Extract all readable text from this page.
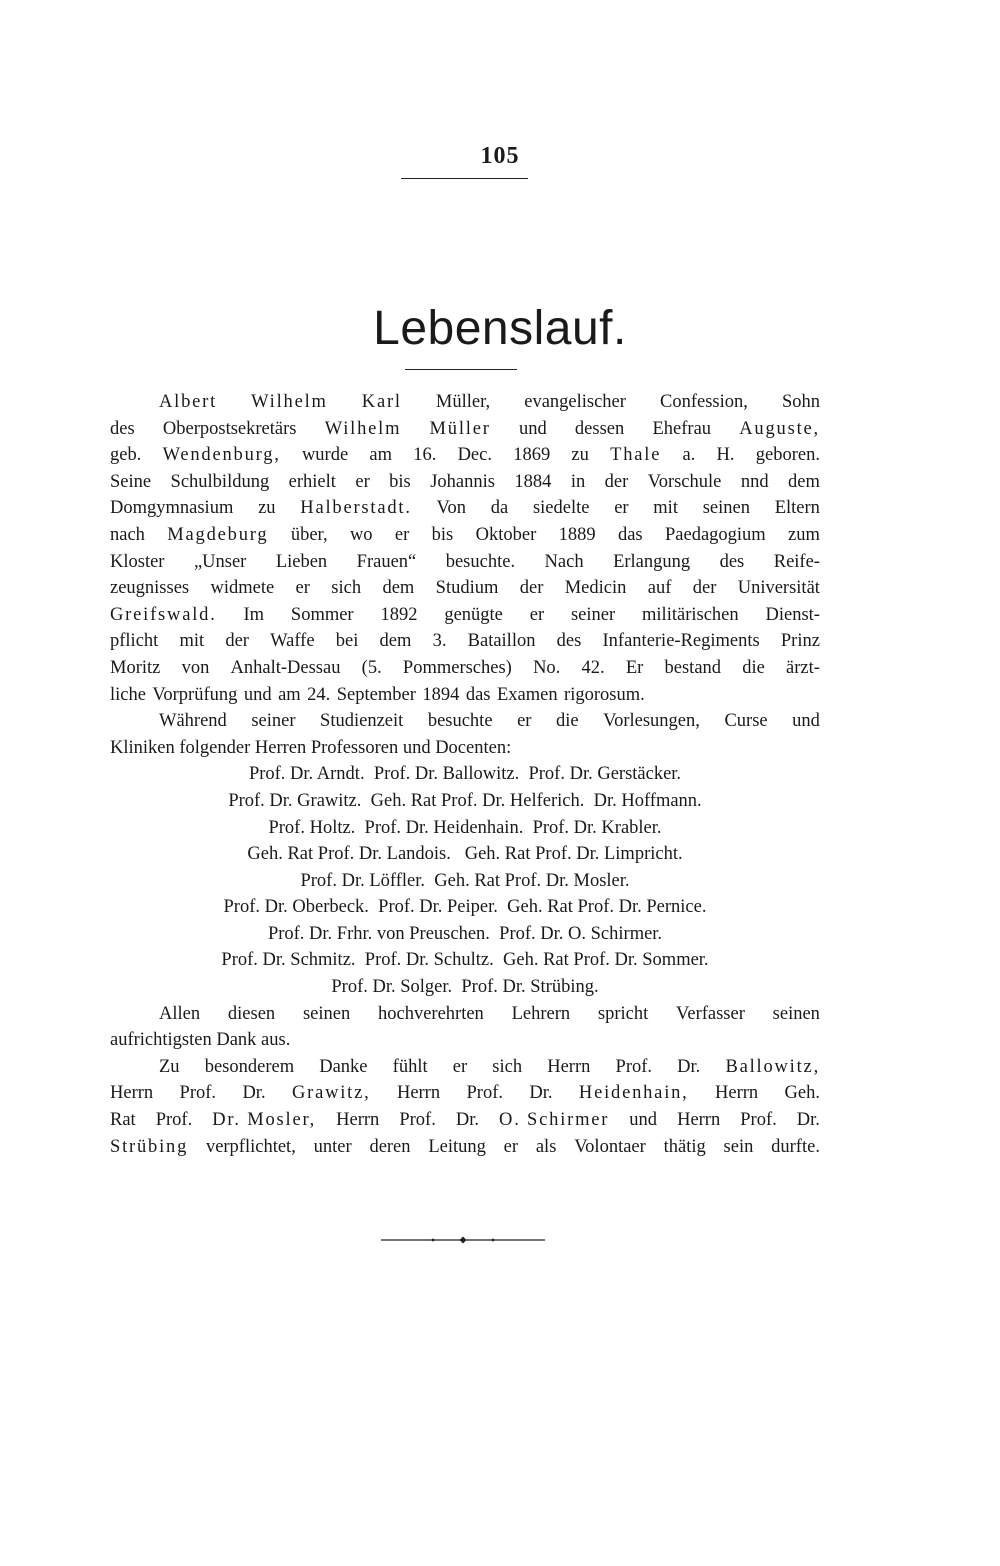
105
Lebenslauf.
Albert Wilhelm Karl Müller, evangelischer Confession, Sohn
des Oberpostsekretärs Wilhelm Müller und dessen Ehefrau Auguste,
geb. Wendenburg, wurde am 16. Dec. 1869 zu Thale a. H. geboren.
Seine Schulbildung erhielt er bis Johannis 1884 in der Vorschule nnd dem
Domgymnasium zu Halberstadt. Von da siedelte er mit seinen Eltern
nach Magdeburg über, wo er bis Oktober 1889 das Paedagogium zum
Kloster „Unser Lieben Frauen“ besuchte. Nach Erlangung des Reife-
zeugnisses widmete er sich dem Studium der Medicin auf der Universität
Greifswald. Im Sommer 1892 genügte er seiner militärischen Dienst-
pflicht mit der Waffe bei dem 3. Bataillon des Infanterie-Regiments Prinz
Moritz von Anhalt-Dessau (5. Pommersches) No. 42. Er bestand die ärzt-
liche Vorprüfung und am 24. September 1894 das Examen rigorosum.
Während seiner Studienzeit besuchte er die Vorlesungen, Curse und
Kliniken folgender Herren Professoren und Docenten:
Prof. Dr. Arndt.  Prof. Dr. Ballowitz.  Prof. Dr. Gerstäcker.
Prof. Dr. Grawitz.  Geh. Rat Prof. Dr. Helferich.  Dr. Hoffmann.
Prof. Holtz.  Prof. Dr. Heidenhain.  Prof. Dr. Krabler.
Geh. Rat Prof. Dr. Landois.   Geh. Rat Prof. Dr. Limpricht.
Prof. Dr. Löffler.  Geh. Rat Prof. Dr. Mosler.
Prof. Dr. Oberbeck.  Prof. Dr. Peiper.  Geh. Rat Prof. Dr. Pernice.
Prof. Dr. Frhr. von Preuschen.  Prof. Dr. O. Schirmer.
Prof. Dr. Schmitz.  Prof. Dr. Schultz.  Geh. Rat Prof. Dr. Sommer.
Prof. Dr. Solger.  Prof. Dr. Strübing.
Allen diesen seinen hochverehrten Lehrern spricht Verfasser seinen
aufrichtigsten Dank aus.
Zu besonderem Danke fühlt er sich Herrn Prof. Dr. Ballowitz,
Herrn Prof. Dr. Grawitz, Herrn Prof. Dr. Heidenhain, Herrn Geh.
Rat Prof. Dr. Mosler, Herrn Prof. Dr. O. Schirmer und Herrn Prof. Dr.
Strübing verpflichtet, unter deren Leitung er als Volontaer thätig sein durfte.
